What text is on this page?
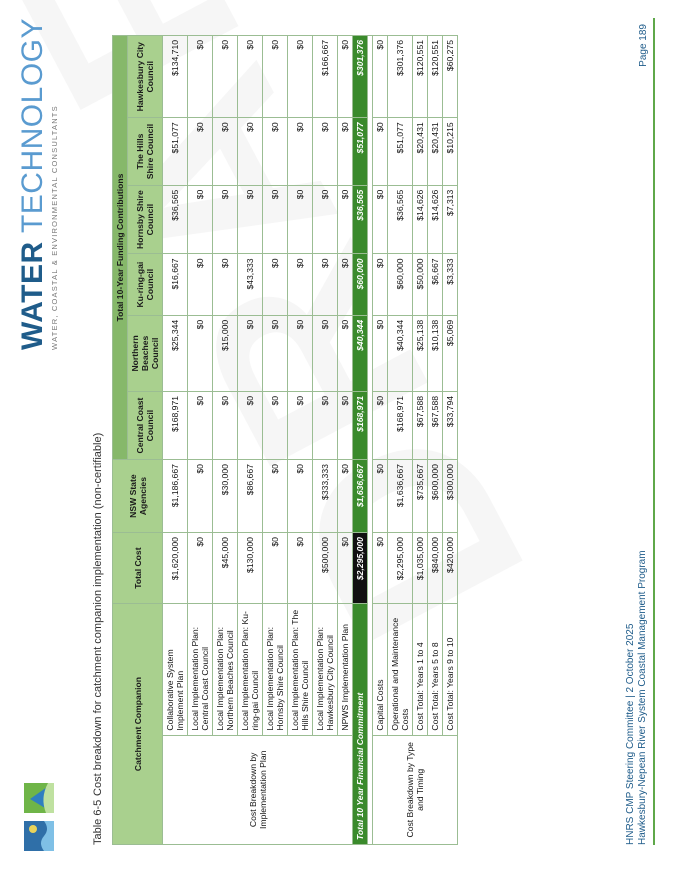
WATER TECHNOLOGY WATER, COASTAL & ENVIRONMENTAL CONSULTANTS
Table 6-5 Cost breakdown for catchment companion implementation (non-certifiable)	Catchment Companion		Total Cost	NSW State Agencies	Total 10-Year Funding Contributions					
				Central Coast Council	Northern Beaches Council	Ku-ring-gai Council	Hornsby Shire Council	The Hills Shire Council	Hawkesbury City Council
Cost Breakdown by Implementation Plan	Collaborative System Implement Plan	$1,620,000	$1,186,667	$168,971	$25,344	$16,667	$36,565	$51,077	$134,710
	Local Implementation Plan: Central Coast Council	$0	$0	$0	$0	$0	$0	$0	$0
	Local Implementation Plan: Northern Beaches Council	$45,000	$30,000	$0	$15,000	$0	$0	$0	$0
	Local Implementation Plan: Ku-ring-gai Council	$130,000	$86,667	$0	$0	$43,333	$0	$0	$0
	Local Implementation Plan: Hornsby Shire Council	$0	$0	$0	$0	$0	$0	$0	$0
	Local Implementation Plan: The Hills Shire Council	$0	$0	$0	$0	$0	$0	$0	$0
	Local Implementation Plan: Hawkesbury City Council	$500,000	$333,333	$0	$0	$0	$0	$0	$166,667
	NPWS Implementation Plan	$0	$0	$0	$0	$0	$0	$0	$0
Total 10 Year Financial Commitment		$2,295,000	$1,636,667	$168,971	$40,344	$60,000	$36,565	$51,077	$301,376

Cost Breakdown by Type and Timing	Capital Costs	$0	$0	$0	$0	$0	$0	$0	$0
	Operational and Maintenance Costs	$2,295,000	$1,636,667	$168,971	$40,344	$60,000	$36,565	$51,077	$301,376
	Cost Total: Years 1 to 4	$1,035,000	$735,667	$67,588	$25,138	$50,000	$14,626	$20,431	$120,551
	Cost Total: Years 5 to 8	$840,000	$600,000	$67,588	$10,138	$6,667	$14,626	$20,431	$120,551
	Cost Total: Years 9 to 10	$420,000	$300,000	$33,794	$5,069	$3,333	$7,313	$10,215	$60,275
HNRS CMP Steering Committee | 2 October 2025 Hawkesbury-Nepean River System Coastal Management Program
Page 189
